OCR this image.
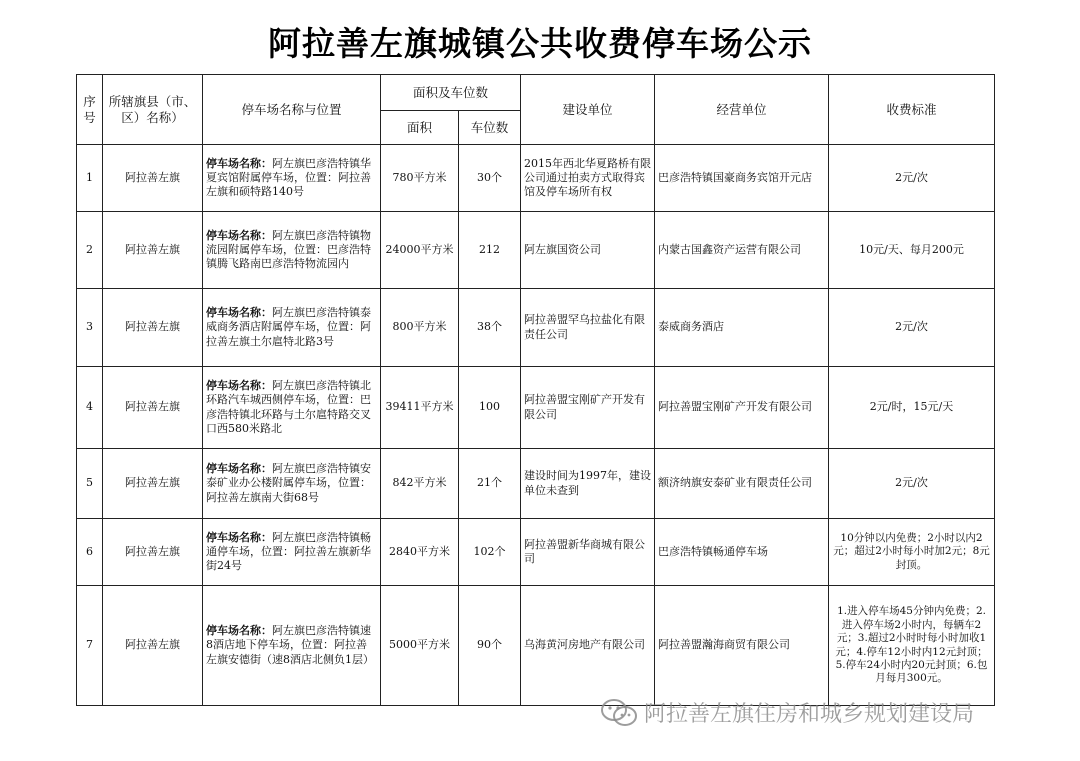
阿拉善左旗城镇公共收费停车场公示
序号	所辖旗县（市、区）名称）	停车场名称与位置	面积及车位数		建设单位	经营单位	收费标准
			面积	车位数			
1	阿拉善左旗	停车场名称：阿左旗巴彦浩特镇华夏宾馆附属停车场，位置：阿拉善左旗和硕特路140号	780平方米	30个	2015年西北华夏路桥有限公司通过拍卖方式取得宾馆及停车场所有权	巴彦浩特镇国豪商务宾馆开元店	2元/次
2	阿拉善左旗	停车场名称：阿左旗巴彦浩特镇物流园附属停车场，位置：巴彦浩特镇腾飞路南巴彦浩特物流园内	24000平方米	212	阿左旗国资公司	内蒙古国鑫资产运营有限公司	10元/天、每月200元
3	阿拉善左旗	停车场名称：阿左旗巴彦浩特镇泰威商务酒店附属停车场，位置：阿拉善左旗土尔扈特北路3号	800平方米	38个	阿拉善盟罕乌拉盐化有限责任公司	泰威商务酒店	2元/次
4	阿拉善左旗	停车场名称：阿左旗巴彦浩特镇北环路汽车城西侧停车场，位置：巴彦浩特镇北环路与土尔扈特路交叉口西580米路北	39411平方米	100	阿拉善盟宝刚矿产开发有限公司	阿拉善盟宝刚矿产开发有限公司	2元/时，15元/天
5	阿拉善左旗	停车场名称：阿左旗巴彦浩特镇安泰矿业办公楼附属停车场，位置：阿拉善左旗南大街68号	842平方米	21个	建设时间为1997年，建设单位未查到	额济纳旗安泰矿业有限责任公司	2元/次
6	阿拉善左旗	停车场名称：阿左旗巴彦浩特镇畅通停车场，位置：阿拉善左旗新华街24号	2840平方米	102个	阿拉善盟新华商城有限公司	巴彦浩特镇畅通停车场	10分钟以内免费；2小时以内2元；超过2小时每小时加2元；8元封顶。
7	阿拉善左旗	停车场名称：阿左旗巴彦浩特镇速8酒店地下停车场，位置：阿拉善左旗安德街（速8酒店北侧负1层）	5000平方米	90个	乌海黄河房地产有限公司	阿拉善盟瀚海商贸有限公司	1.进入停车场45分钟内免费；2.进入停车场2小时内，每辆车2元；3.超过2小时时每小时加收1元；4.停车12小时内12元封顶；5.停车24小时内20元封顶；6.包月每月300元。
阿拉善左旗住房和城乡规划建设局
